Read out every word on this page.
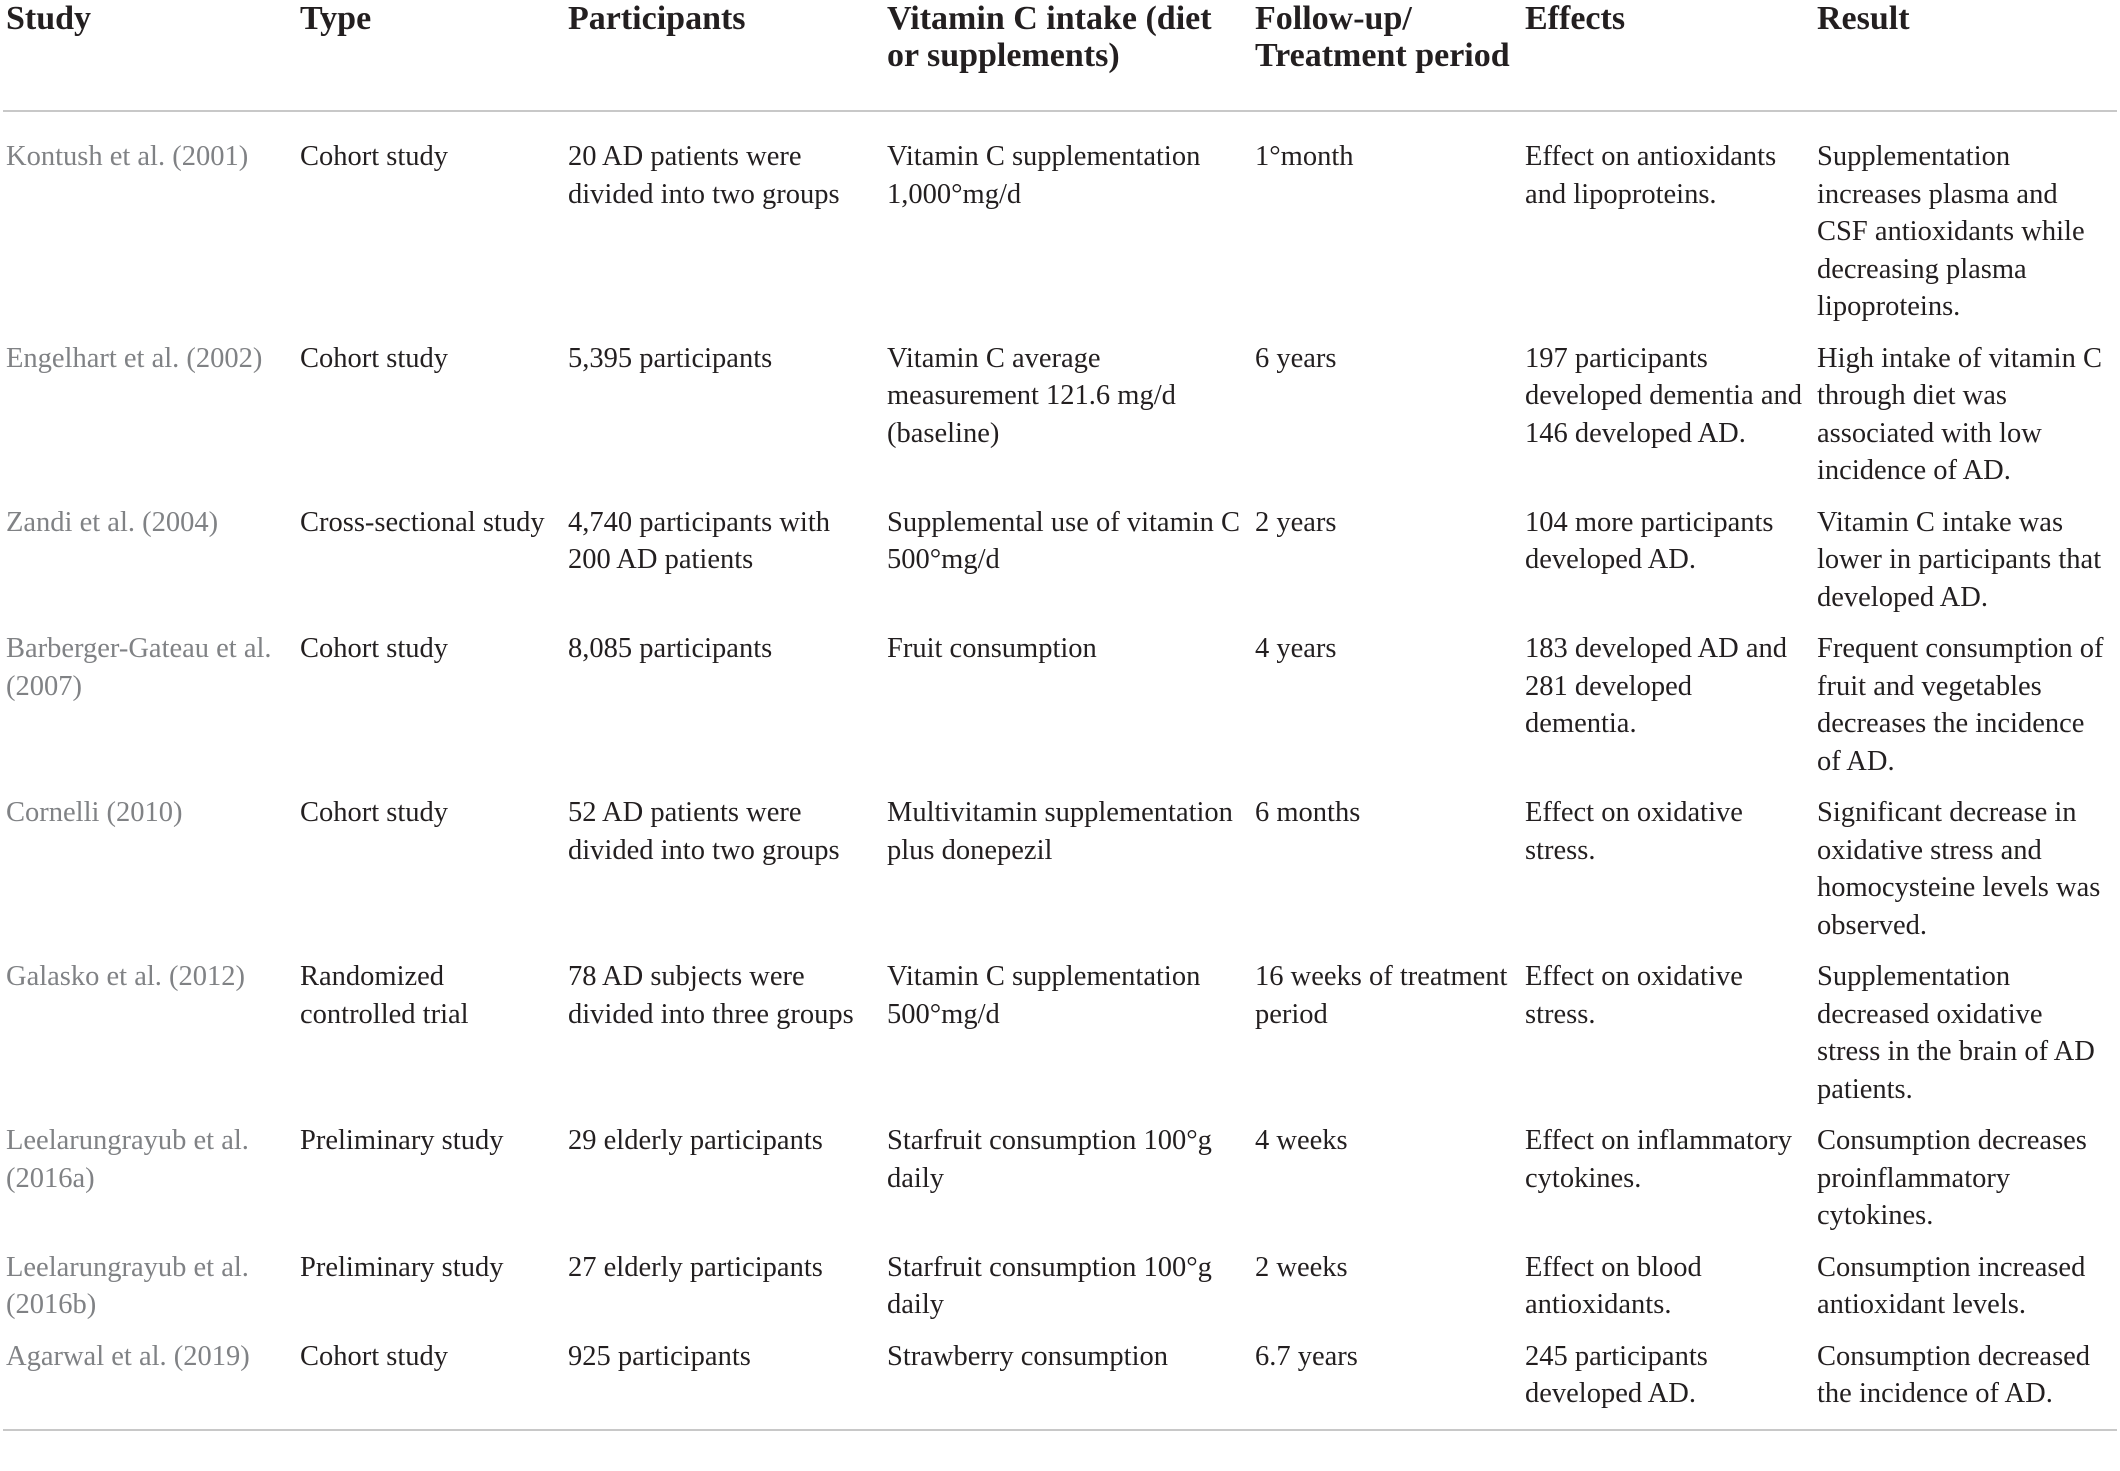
Study	Type	Participants	Vitamin C intake (diet or supplements)	Follow-up/ Treatment period	Effects	Result
Kontush et al. (2001)	Cohort study	20 AD patients were divided into two groups	Vitamin C supplementation 1,000°mg/d	1°month	Effect on antioxidants and lipoproteins.	Supplementation increases plasma and CSF antioxidants while decreasing plasma lipoproteins.
Engelhart et al. (2002)	Cohort study	5,395 participants	Vitamin C average measurement 121.6 mg/d (baseline)	6 years	197 participants developed dementia and 146 developed AD.	High intake of vitamin C through diet was associated with low incidence of AD.
Zandi et al. (2004)	Cross-sectional study	4,740 participants with 200 AD patients	Supplemental use of vitamin C 500°mg/d	2 years	104 more participants developed AD.	Vitamin C intake was lower in participants that developed AD.
Barberger-Gateau et al. (2007)	Cohort study	8,085 participants	Fruit consumption	4 years	183 developed AD and 281 developed dementia.	Frequent consumption of fruit and vegetables decreases the incidence of AD.
Cornelli (2010)	Cohort study	52 AD patients were divided into two groups	Multivitamin supplementation plus donepezil	6 months	Effect on oxidative stress.	Significant decrease in oxidative stress and homocysteine levels was observed.
Galasko et al. (2012)	Randomized controlled trial	78 AD subjects were divided into three groups	Vitamin C supplementation 500°mg/d	16 weeks of treatment period	Effect on oxidative stress.	Supplementation decreased oxidative stress in the brain of AD patients.
Leelarungrayub et al. (2016a)	Preliminary study	29 elderly participants	Starfruit consumption 100°g daily	4 weeks	Effect on inflammatory cytokines.	Consumption decreases proinflammatory cytokines.
Leelarungrayub et al. (2016b)	Preliminary study	27 elderly participants	Starfruit consumption 100°g daily	2 weeks	Effect on blood antioxidants.	Consumption increased antioxidant levels.
Agarwal et al. (2019)	Cohort study	925 participants	Strawberry consumption	6.7 years	245 participants developed AD.	Consumption decreased the incidence of AD.
